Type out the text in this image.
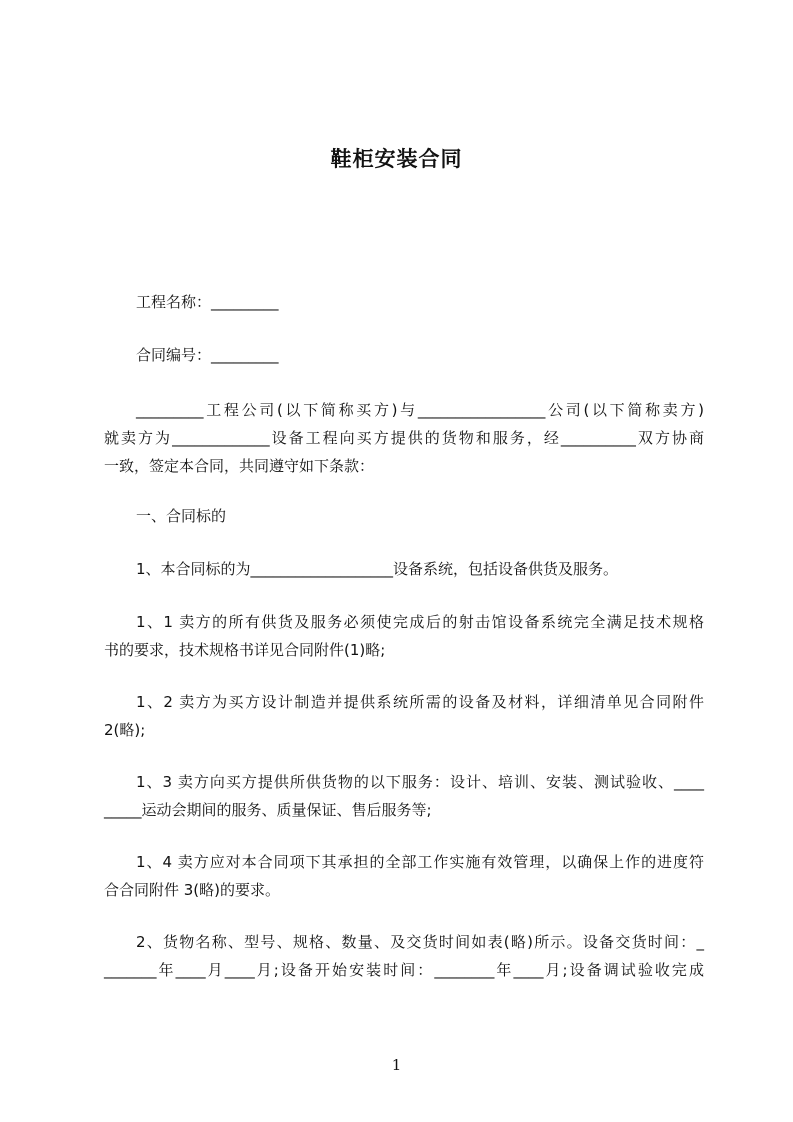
鞋柜安装合同
工程名称：_________
合同编号：_________
_________工程公司(以下简称买方)与_________________公司(以下简称卖方)
就卖方为_____________设备工程向买方提供的货物和服务，经__________双方协商
一致，签定本合同，共同遵守如下条款：
一、合同标的
1、本合同标的为___________________设备系统，包括设备供货及服务。
1、1 卖方的所有供货及服务必须使完成后的射击馆设备系统完全满足技术规格
书的要求，技术规格书详见合同附件(1)略;
1、2 卖方为买方设计制造并提供系统所需的设备及材料，详细清单见合同附件
2(略);
1、3 卖方向买方提供所供货物的以下服务：设计、培训、安装、测试验收、____
_____运动会期间的服务、质量保证、售后服务等;
1、4 卖方应对本合同项下其承担的全部工作实施有效管理，以确保上作的进度符
合合同附件 3(略)的要求。
2、货物名称、型号、规格、数量、及交货时间如表(略)所示。设备交货时间：_
_______年____月____月;设备开始安装时间：________年____月;设备调试验收完成
1
